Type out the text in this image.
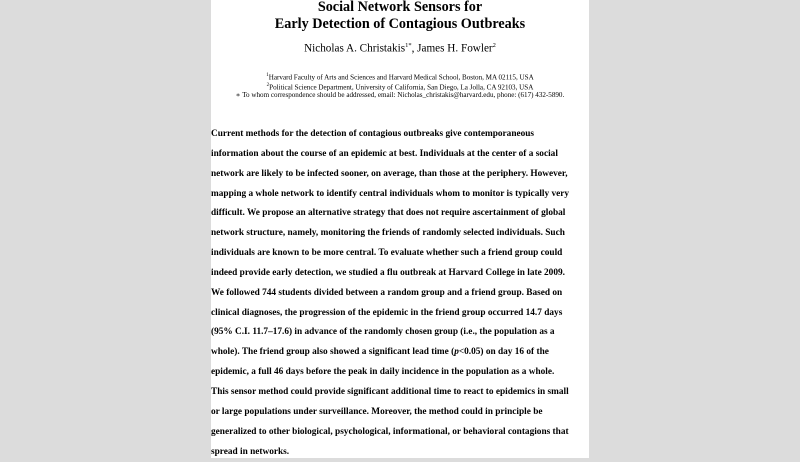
Social Network Sensors for
Early Detection of Contagious Outbreaks
Nicholas A. Christakis$^{1*}$, James H. Fowler$^2$
$^1$Harvard Faculty of Arts and Sciences and Harvard Medical School, Boston, MA 02115, USA
$^2$Political Science Department, University of California, San Diego, La Jolla, CA 92103, USA
∗ To whom correspondence should be addressed, email: Nicholas_christakis@harvard.edu, phone: (617) 432-5890.
Current methods for the detection of contagious outbreaks give contemporaneous
information about the course of an epidemic at best. Individuals at the center of a social
network are likely to be infected sooner, on average, than those at the periphery. However,
mapping a whole network to identify central individuals whom to monitor is typically very
difficult. We propose an alternative strategy that does not require ascertainment of global
network structure, namely, monitoring the friends of randomly selected individuals. Such
individuals are known to be more central. To evaluate whether such a friend group could
indeed provide early detection, we studied a flu outbreak at Harvard College in late 2009.
We followed 744 students divided between a random group and a friend group. Based on
clinical diagnoses, the progression of the epidemic in the friend group occurred 14.7 days
(95% C.I. 11.7–17.6) in advance of the randomly chosen group (i.e., the population as a
whole). The friend group also showed a significant lead time (p<0.05) on day 16 of the
epidemic, a full 46 days before the peak in daily incidence in the population as a whole.
This sensor method could provide significant additional time to react to epidemics in small
or large populations under surveillance. Moreover, the method could in principle be
generalized to other biological, psychological, informational, or behavioral contagions that
spread in networks.
